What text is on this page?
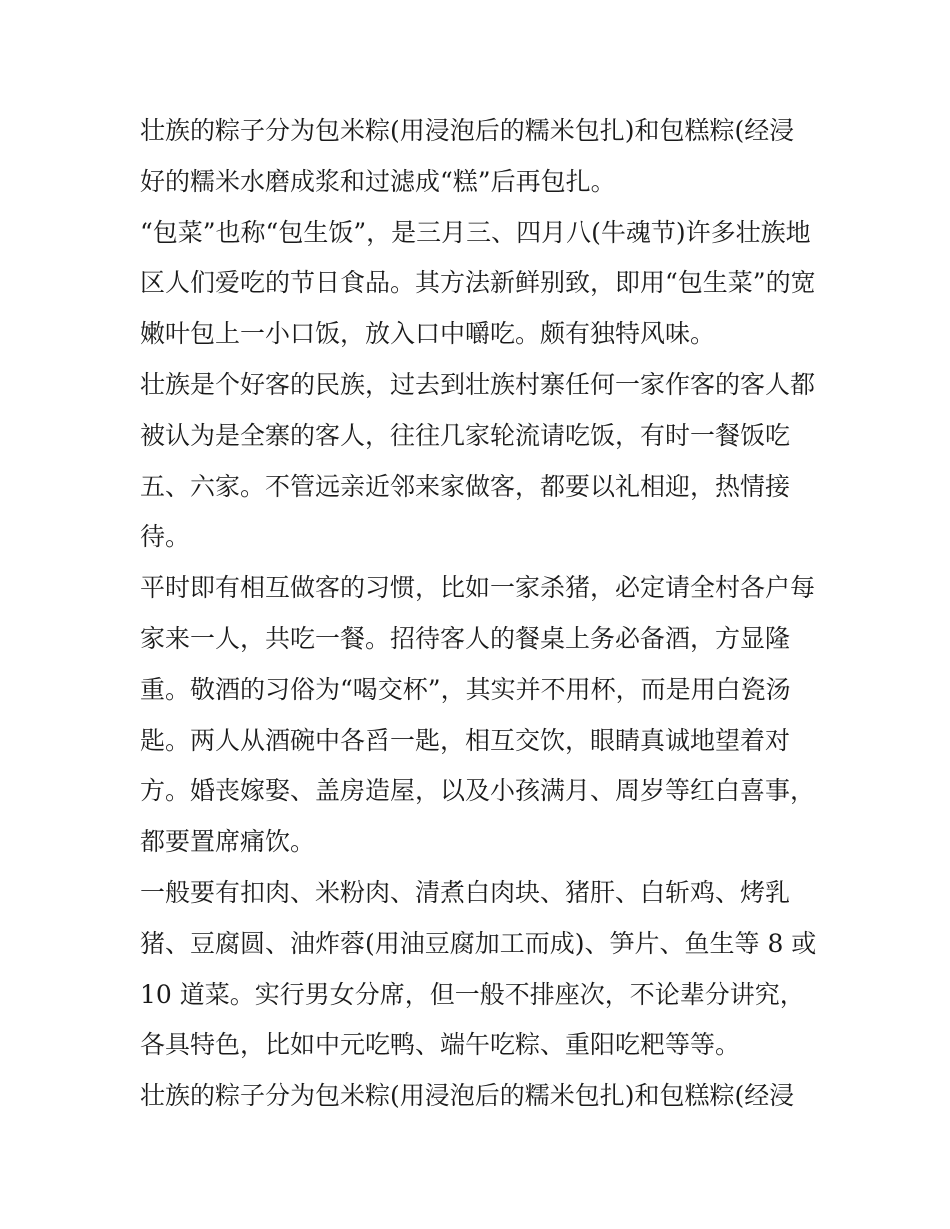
壮族的粽子分为包米粽(用浸泡后的糯米包扎)和包糕粽(经浸
好的糯米水磨成浆和过滤成“糕”后再包扎。

“包菜”也称“包生饭”，是三月三、四月八(牛魂节)许多壮族地
区人们爱吃的节日食品。其方法新鲜别致，即用“包生菜”的宽
嫩叶包上一小口饭，放入口中嚼吃。颇有独特风味。

壮族是个好客的民族，过去到壮族村寨任何一家作客的客人都
被认为是全寨的客人，往往几家轮流请吃饭，有时一餐饭吃
五、六家。不管远亲近邻来家做客，都要以礼相迎，热情接
待。

平时即有相互做客的习惯，比如一家杀猪，必定请全村各户每
家来一人，共吃一餐。招待客人的餐桌上务必备酒，方显隆
重。敬酒的习俗为“喝交杯”，其实并不用杯，而是用白瓷汤
匙。两人从酒碗中各舀一匙，相互交饮，眼睛真诚地望着对
方。婚丧嫁娶、盖房造屋，以及小孩满月、周岁等红白喜事，
都要置席痛饮。

一般要有扣肉、米粉肉、清煮白肉块、猪肝、白斩鸡、烤乳
猪、豆腐圆、油炸蓉(用油豆腐加工而成)、笋片、鱼生等 8 或
10 道菜。实行男女分席，但一般不排座次，不论辈分讲究，
各具特色，比如中元吃鸭、端午吃粽、重阳吃粑等等。

壮族的粽子分为包米粽(用浸泡后的糯米包扎)和包糕粽(经浸
